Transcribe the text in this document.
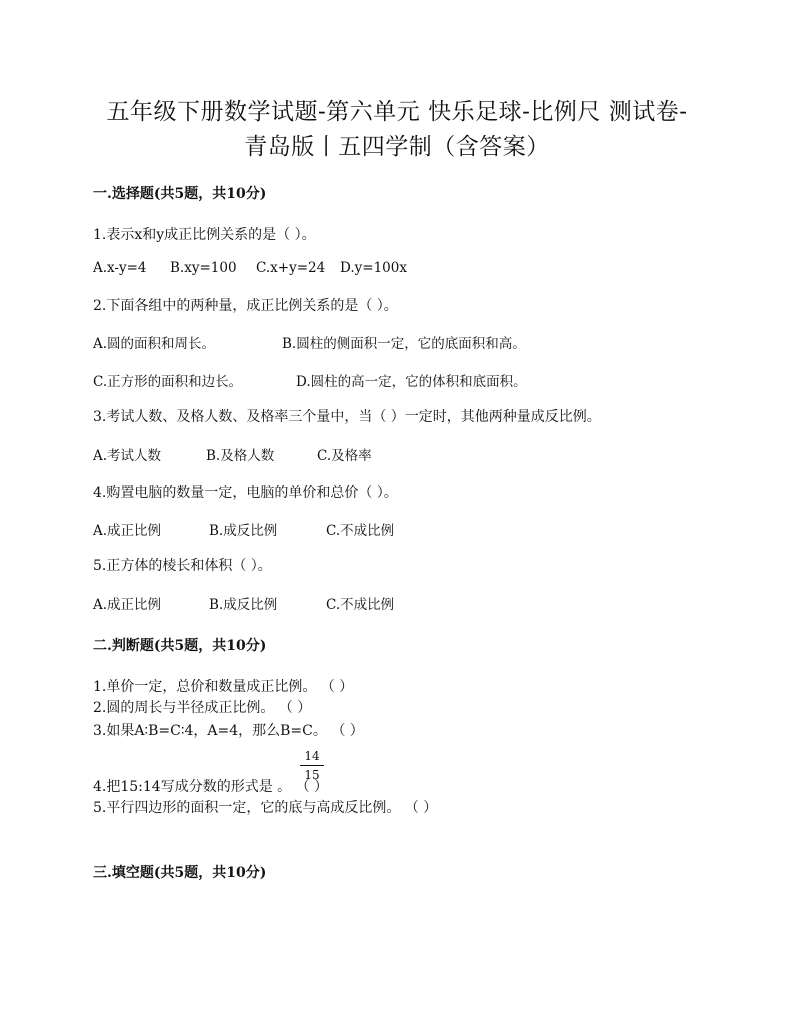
五年级下册数学试题-第六单元 快乐足球-比例尺 测试卷-
青岛版丨五四学制（含答案）
一.选择题(共5题，共10分)
1.表示x和y成正比例关系的是（ ）。
A.x-y=4 B.xy=100 C.x+y=24 D.y=100x
2.下面各组中的两种量，成正比例关系的是（ ）。
A.圆的面积和周长。	B.圆柱的侧面积一定，它的底面积和高。
C.正方形的面积和边长。	D.圆柱的高一定，它的体积和底面积。
3.考试人数、及格人数、及格率三个量中，当（ ）一定时，其他两种量成反比例。
A.考试人数	B.及格人数	C.及格率
4.购置电脑的数量一定，电脑的单价和总价（ ）。
A.成正比例	B.成反比例	C.不成比例
5.正方体的棱长和体积（ ）。
A.成正比例	B.成反比例	C.不成比例
二.判断题(共5题，共10分)
1.单价一定，总价和数量成正比例。 （ ）
2.圆的周长与半径成正比例。 （ ）
3.如果A∶B=C∶4，A=4，那么B=C。 （ ）
14
15
4.把15:14写成分数的形式是 。 （ ）
5.平行四边形的面积一定，它的底与高成反比例。 （ ）
三.填空题(共5题，共10分)
